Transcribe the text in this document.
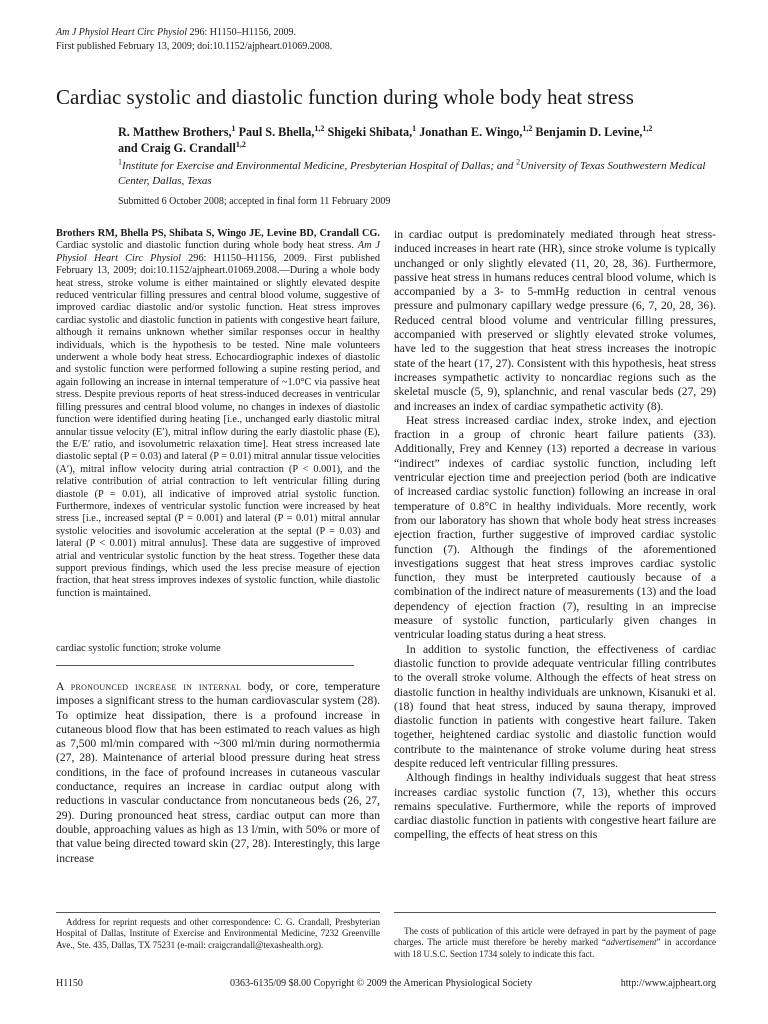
Am J Physiol Heart Circ Physiol 296: H1150–H1156, 2009.
First published February 13, 2009; doi:10.1152/ajpheart.01069.2008.
Cardiac systolic and diastolic function during whole body heat stress
R. Matthew Brothers,$^1$ Paul S. Bhella,$^{1,2}$ Shigeki Shibata,$^1$ Jonathan E. Wingo,$^{1,2}$ Benjamin D. Levine,$^{1,2}$
and Craig G. Crandall$^{1,2}$
$^1$Institute for Exercise and Environmental Medicine, Presbyterian Hospital of Dallas; and $^2$University of Texas Southwestern Medical Center, Dallas, Texas
Submitted 6 October 2008; accepted in final form 11 February 2009

Brothers RM, Bhella PS, Shibata S, Wingo JE, Levine BD, Crandall CG. Cardiac systolic and diastolic function during whole body heat stress. Am J Physiol Heart Circ Physiol 296: H1150–H1156, 2009. First published February 13, 2009; doi:10.1152/ajpheart.01069.2008.—During a whole body heat stress, stroke volume is either maintained or slightly elevated despite reduced ventricular filling pressures and central blood volume, suggestive of improved cardiac diastolic and/or systolic function. Heat stress improves cardiac systolic and diastolic function in patients with congestive heart failure, although it remains unknown whether similar responses occur in healthy individuals, which is the hypothesis to be tested. Nine male volunteers underwent a whole body heat stress. Echocardiographic indexes of diastolic and systolic function were performed following a supine resting period, and again following an increase in internal temperature of ~1.0°C via passive heat stress. Despite previous reports of heat stress-induced decreases in ventricular filling pressures and central blood volume, no changes in indexes of diastolic function were identified during heating [i.e., unchanged early diastolic mitral annular tissue velocity (E′), mitral inflow during the early diastolic phase (E), the E/E′ ratio, and isovolumetric relaxation time]. Heat stress increased late diastolic septal (P = 0.03) and lateral (P = 0.01) mitral annular tissue velocities (A′), mitral inflow velocity during atrial contraction (P < 0.001), and the relative contribution of atrial contraction to left ventricular filling during diastole (P = 0.01), all indicative of improved atrial systolic function. Furthermore, indexes of ventricular systolic function were increased by heat stress [i.e., increased septal (P = 0.001) and lateral (P = 0.01) mitral annular systolic velocities and isovolumic acceleration at the septal (P = 0.03) and lateral (P < 0.001) mitral annulus]. These data are suggestive of improved atrial and ventricular systolic function by the heat stress. Together these data support previous findings, which used the less precise measure of ejection fraction, that heat stress improves indexes of systolic function, while diastolic function is maintained.

cardiac systolic function; stroke volume

A pronounced increase in internal body, or core, temperature imposes a significant stress to the human cardiovascular system (28). To optimize heat dissipation, there is a profound increase in cutaneous blood flow that has been estimated to reach values as high as 7,500 ml/min compared with ~300 ml/min during normothermia (27, 28). Maintenance of arterial blood pressure during heat stress conditions, in the face of profound increases in cutaneous vascular conductance, requires an increase in cardiac output along with reductions in vascular conductance from noncutaneous beds (26, 27, 29). During pronounced heat stress, cardiac output can more than double, approaching values as high as 13 l/min, with 50% or more of that value being directed toward skin (27, 28). Interestingly, this large increase

in cardiac output is predominately mediated through heat stress-induced increases in heart rate (HR), since stroke volume is typically unchanged or only slightly elevated (11, 20, 28, 36). Furthermore, passive heat stress in humans reduces central blood volume, which is accompanied by a 3- to 5-mmHg reduction in central venous pressure and pulmonary capillary wedge pressure (6, 7, 20, 28, 36). Reduced central blood volume and ventricular filling pressures, accompanied with preserved or slightly elevated stroke volumes, have led to the suggestion that heat stress increases the inotropic state of the heart (17, 27). Consistent with this hypothesis, heat stress increases sympathetic activity to noncardiac regions such as the skeletal muscle (5, 9), splanchnic, and renal vascular beds (27, 29) and increases an index of cardiac sympathetic activity (8).

Heat stress increased cardiac index, stroke index, and ejection fraction in a group of chronic heart failure patients (33). Additionally, Frey and Kenney (13) reported a decrease in various “indirect” indexes of cardiac systolic function, including left ventricular ejection time and preejection period (both are indicative of increased cardiac systolic function) following an increase in oral temperature of 0.8°C in healthy individuals. More recently, work from our laboratory has shown that whole body heat stress increases ejection fraction, further suggestive of improved cardiac systolic function (7). Although the findings of the aforementioned investigations suggest that heat stress improves cardiac systolic function, they must be interpreted cautiously because of a combination of the indirect nature of measurements (13) and the load dependency of ejection fraction (7), resulting in an imprecise measure of systolic function, particularly given changes in ventricular loading status during a heat stress.

In addition to systolic function, the effectiveness of cardiac diastolic function to provide adequate ventricular filling contributes to the overall stroke volume. Although the effects of heat stress on diastolic function in healthy individuals are unknown, Kisanuki et al. (18) found that heat stress, induced by sauna therapy, improved diastolic function in patients with congestive heart failure. Taken together, heightened cardiac systolic and diastolic function would contribute to the maintenance of stroke volume during heat stress despite reduced left ventricular filling pressures.

Although findings in healthy individuals suggest that heat stress increases cardiac systolic function (7, 13), whether this occurs remains speculative. Furthermore, while the reports of improved cardiac diastolic function in patients with congestive heart failure are compelling, the effects of heat stress on this

Address for reprint requests and other correspondence: C. G. Crandall, Presbyterian Hospital of Dallas, Institute of Exercise and Environmental Medicine, 7232 Greenville Ave., Ste. 435, Dallas, TX 75231 (e-mail: craigcrandall@texashealth.org).
The costs of publication of this article were defrayed in part by the payment of page charges. The article must therefore be hereby marked “advertisement” in accordance with 18 U.S.C. Section 1734 solely to indicate this fact.
H1150	0363-6135/09 $8.00 Copyright © 2009 the American Physiological Society	http://www.ajpheart.org
